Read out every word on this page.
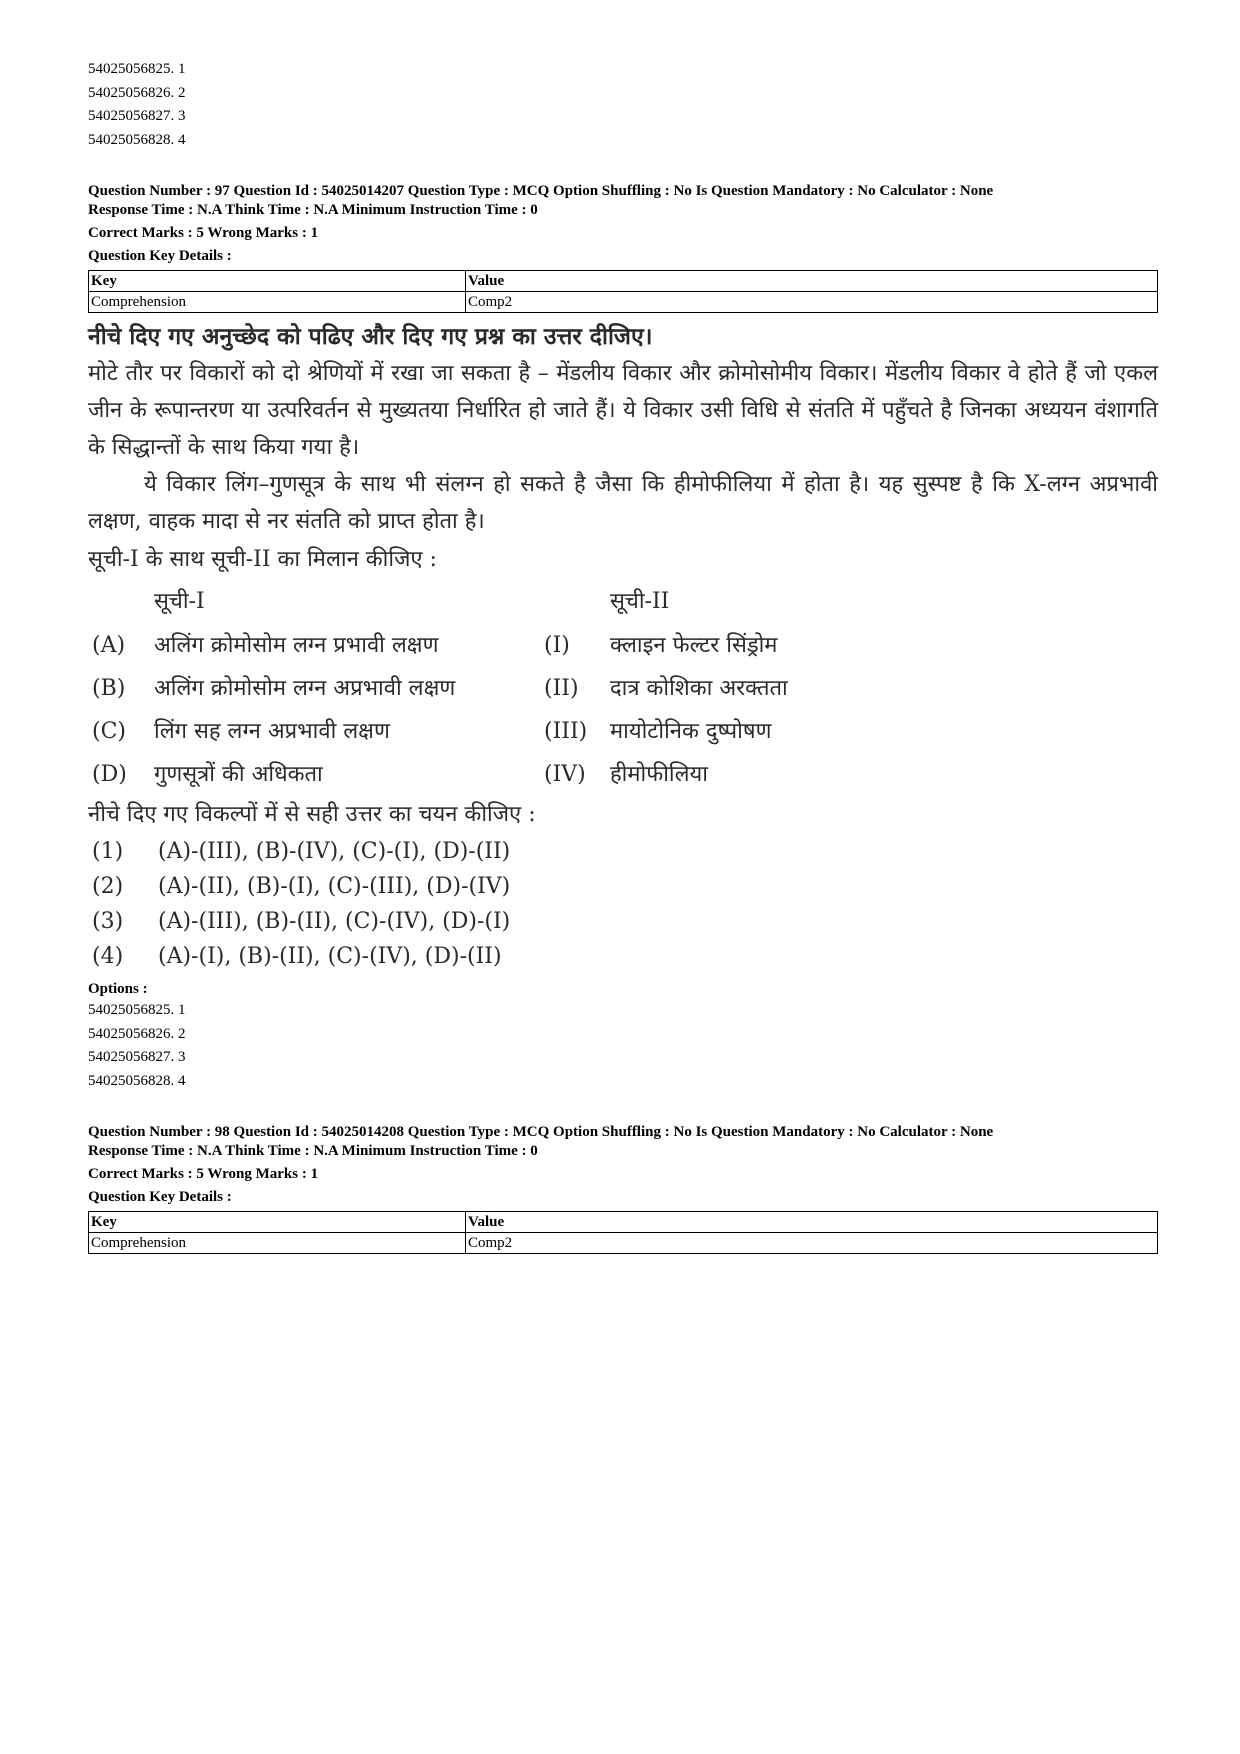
54025056825. 1
54025056826. 2
54025056827. 3
54025056828. 4
Question Number : 97 Question Id : 54025014207 Question Type : MCQ Option Shuffling : No Is Question Mandatory : No Calculator : None
Response Time : N.A Think Time : N.A Minimum Instruction Time : 0
Correct Marks : 5 Wrong Marks : 1
Question Key Details :
Key	Value
Comprehension	Comp2
नीचे दिए गए अनुच्छेद को पढिए और दिए गए प्रश्न का उत्तर दीजिए।
मोटे तौर पर विकारों को दो श्रेणियों में रखा जा सकता है – मेंडलीय विकार और क्रोमोसोमीय विकार। मेंडलीय विकार वे होते हैं जो एकल जीन के रूपान्तरण या उत्परिवर्तन से मुख्यतया निर्धारित हो जाते हैं। ये विकार उसी विधि से संतति में पहुँचते है जिनका अध्ययन वंशागति के सिद्धान्तों के साथ किया गया है।
ये विकार लिंग–गुणसूत्र के साथ भी संलग्न हो सकते है जैसा कि हीमोफीलिया में होता है। यह सुस्पष्ट है कि X-लग्न अप्रभावी लक्षण, वाहक मादा से नर संतति को प्राप्त होता है।
सूची-I के साथ सूची-II का मिलान कीजिए :
सूची-I	सूची-II
(A)	अलिंग क्रोमोसोम लग्न प्रभावी लक्षण	(I)	क्लाइन फेल्टर सिंड्रोम
(B)	अलिंग क्रोमोसोम लग्न अप्रभावी लक्षण	(II)	दात्र कोशिका अरक्तता
(C)	लिंग सह लग्न अप्रभावी लक्षण	(III)	मायोटोनिक दुष्पोषण
(D)	गुणसूत्रों की अधिकता	(IV)	हीमोफीलिया
नीचे दिए गए विकल्पों में से सही उत्तर का चयन कीजिए :
(1)	(A)-(III), (B)-(IV), (C)-(I), (D)-(II)
(2)	(A)-(II), (B)-(I), (C)-(III), (D)-(IV)
(3)	(A)-(III), (B)-(II), (C)-(IV), (D)-(I)
(4)	(A)-(I), (B)-(II), (C)-(IV), (D)-(II)
Options :
54025056825. 1
54025056826. 2
54025056827. 3
54025056828. 4
Question Number : 98 Question Id : 54025014208 Question Type : MCQ Option Shuffling : No Is Question Mandatory : No Calculator : None
Response Time : N.A Think Time : N.A Minimum Instruction Time : 0
Correct Marks : 5 Wrong Marks : 1
Question Key Details :
Key	Value
Comprehension	Comp2
